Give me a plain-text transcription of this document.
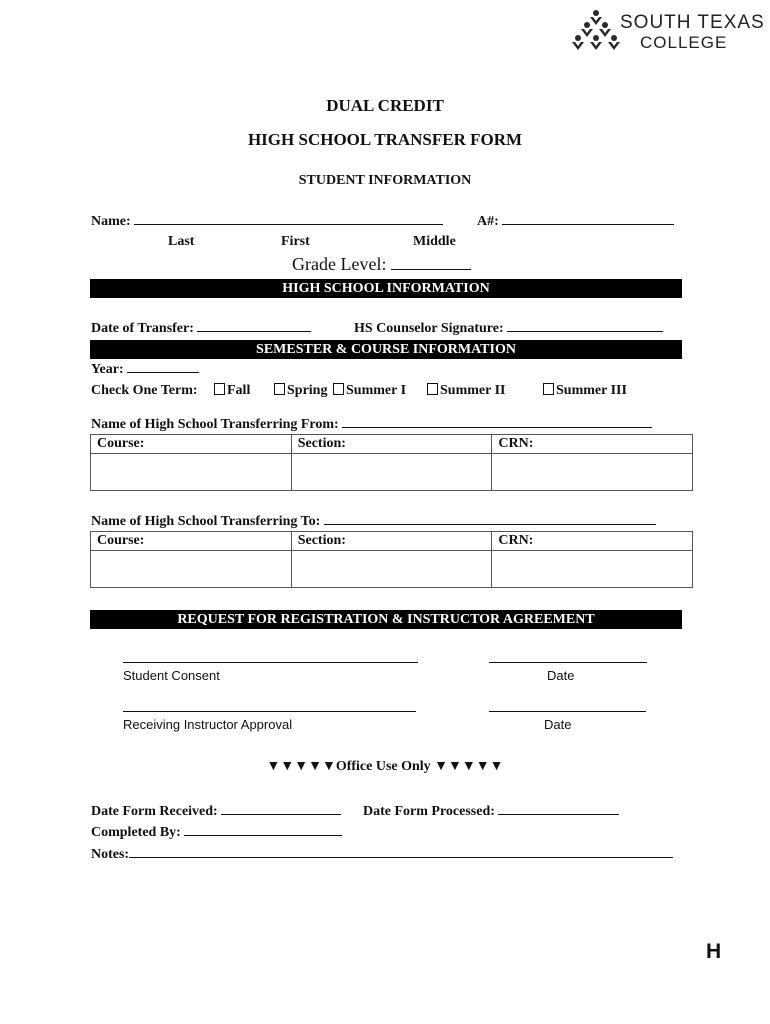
SOUTH TEXAS
COLLEGE
DUAL CREDIT
HIGH SCHOOL TRANSFER FORM
STUDENT INFORMATION
Name:	A#:
Last	First	Middle
Grade Level:
HIGH SCHOOL INFORMATION
Date of Transfer:	HS Counselor Signature:
SEMESTER & COURSE INFORMATION
Year:
Check One Term:	Fall	Spring	Summer I	Summer II	Summer III
Name of High School Transferring From:
Course:	Section:	CRN:

Name of High School Transferring To:
Course:	Section:	CRN:

REQUEST FOR REGISTRATION & INSTRUCTOR AGREEMENT
Student Consent	Date
Receiving Instructor Approval	Date
▼▼▼▼▼Office Use Only ▼▼▼▼▼
Date Form Received:	Date Form Processed:
Completed By:
Notes:
H
